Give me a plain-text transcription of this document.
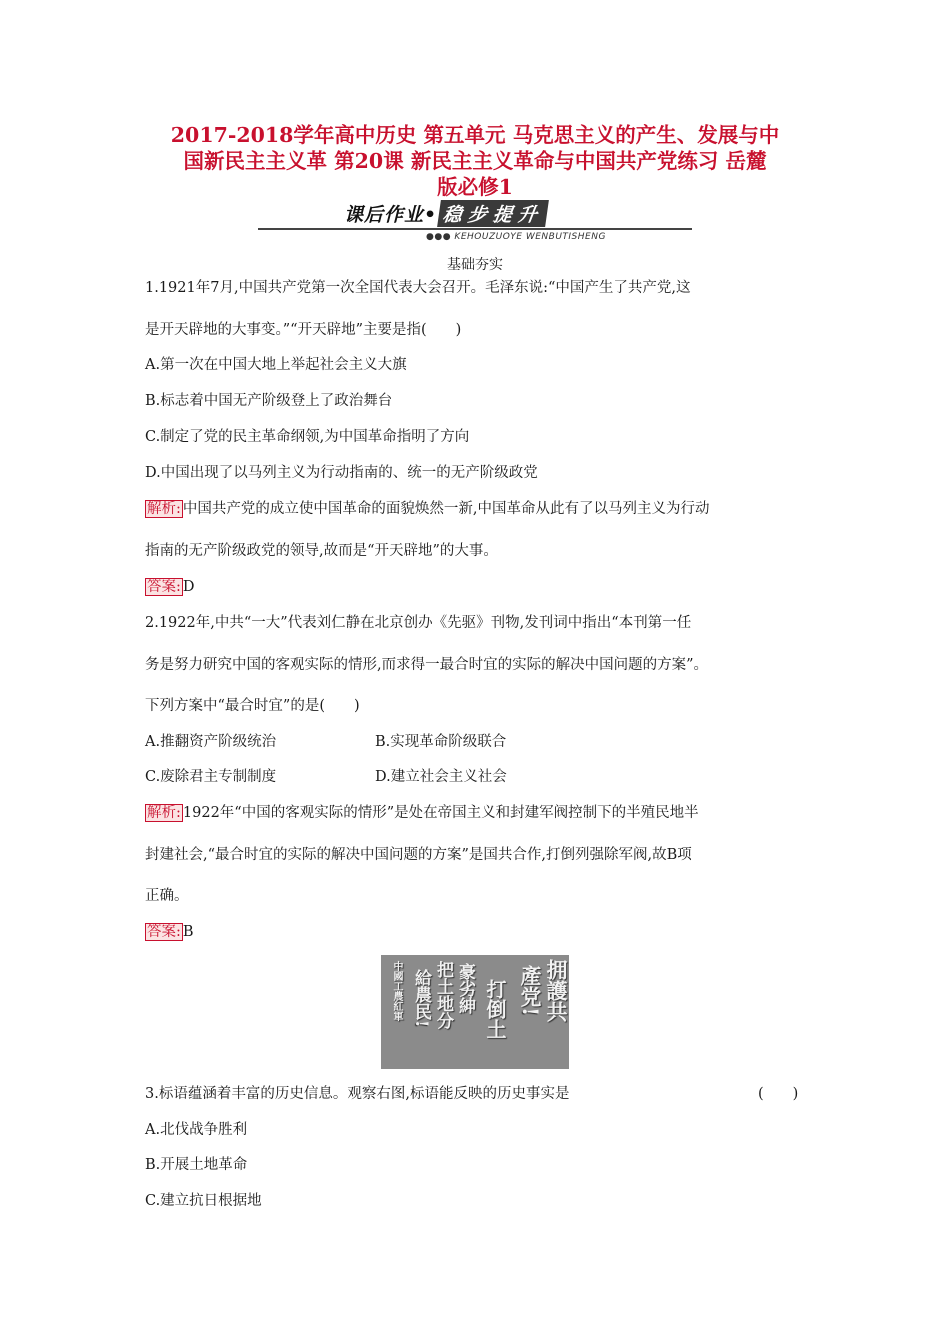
2017-2018学年高中历史 第五单元 马克思主义的产生、发展与中
国新民主主义革 第20课 新民主主义革命与中国共产党练习 岳麓
版必修1
课后作业• 稳步提升
●●● KEHOUZUOYE WENBUTISHENG
基础夯实
1.1921年7月,中国共产党第一次全国代表大会召开。毛泽东说:“中国产生了共产党,这
是开天辟地的大事变。”“开天辟地”主要是指(　　)
A.第一次在中国大地上举起社会主义大旗
B.标志着中国无产阶级登上了政治舞台
C.制定了党的民主革命纲领,为中国革命指明了方向
D.中国出现了以马列主义为行动指南的、统一的无产阶级政党
解析: 中国共产党的成立使中国革命的面貌焕然一新,中国革命从此有了以马列主义为行动
指南的无产阶级政党的领导,故而是“开天辟地”的大事。
答案: D
2.1922年,中共“一大”代表刘仁静在北京创办《先驱》刊物,发刊词中指出“本刊第一任
务是努力研究中国的客观实际的情形,而求得一最合时宜的实际的解决中国问题的方案”。
下列方案中“最合时宜”的是(　　)
A.推翻资产阶级统治	B.实现革命阶级联合
C.废除君主专制制度	D.建立社会主义社会
解析: 1922年“中国的客观实际的情形”是处在帝国主义和封建军阀控制下的半殖民地半
封建社会,“最合时宜的实际的解决中国问题的方案”是国共合作,打倒列强除军阀,故B项
正确。
答案: B
拥護共
產党!
打倒土
豪劣紳
把土地分
給農民!
中國工農紅軍
3.标语蕴涵着丰富的历史信息。观察右图,标语能反映的历史事实是	(　　)
A.北伐战争胜利
B.开展土地革命
C.建立抗日根据地
